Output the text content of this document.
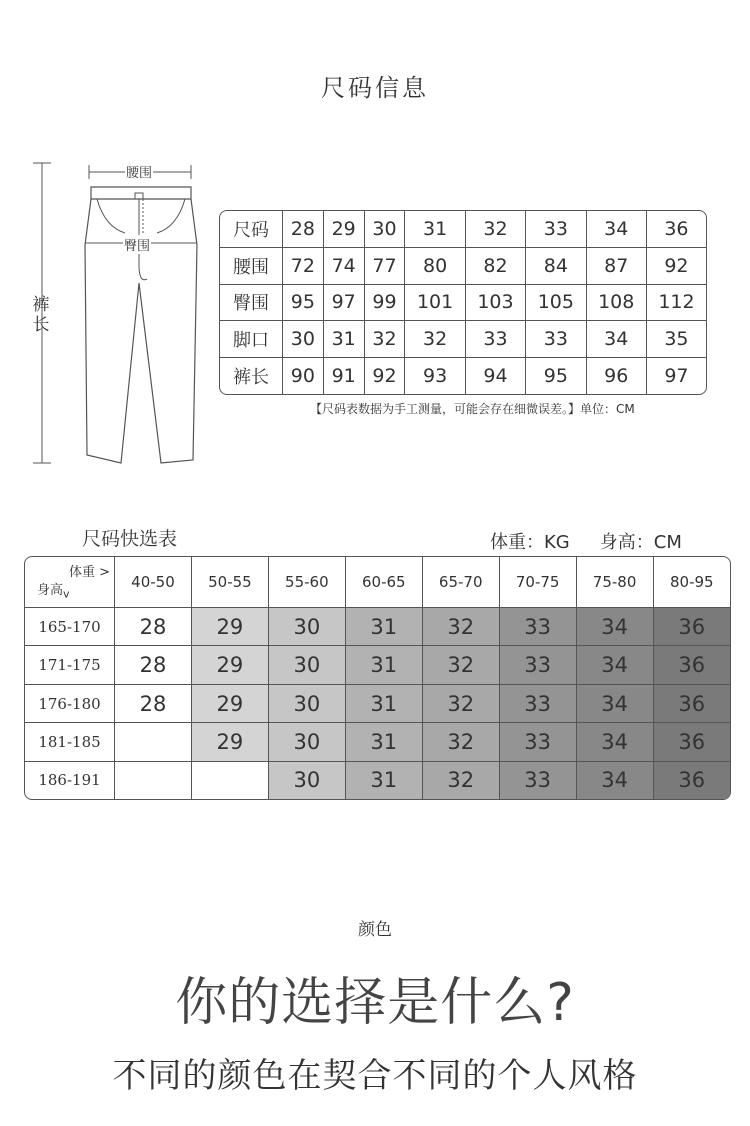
尺码信息
裤长
腰围
臀围
尺码	28	29	30	31	32	33	34	36
腰围	72	74	77	80	82	84	87	92
臀围	95	97	99	101	103	105	108	112
脚口	30	31	32	32	33	33	34	35
裤长	90	91	92	93	94	95	96	97
【尺码表数据为手工测量，可能会存在细微误差。】单位：CM
尺码快选表	体重：KG 身高：CM
体重 >
身高$_v$	40-50	50-55	55-60	60-65	65-70	70-75	75-80	80-95
165-170	28	29	30	31	32	33	34	36
171-175	28	29	30	31	32	33	34	36
176-180	28	29	30	31	32	33	34	36
181-185		29	30	31	32	33	34	36
186-191			30	31	32	33	34	36
颜色
你的选择是什么?
不同的颜色在契合不同的个人风格
